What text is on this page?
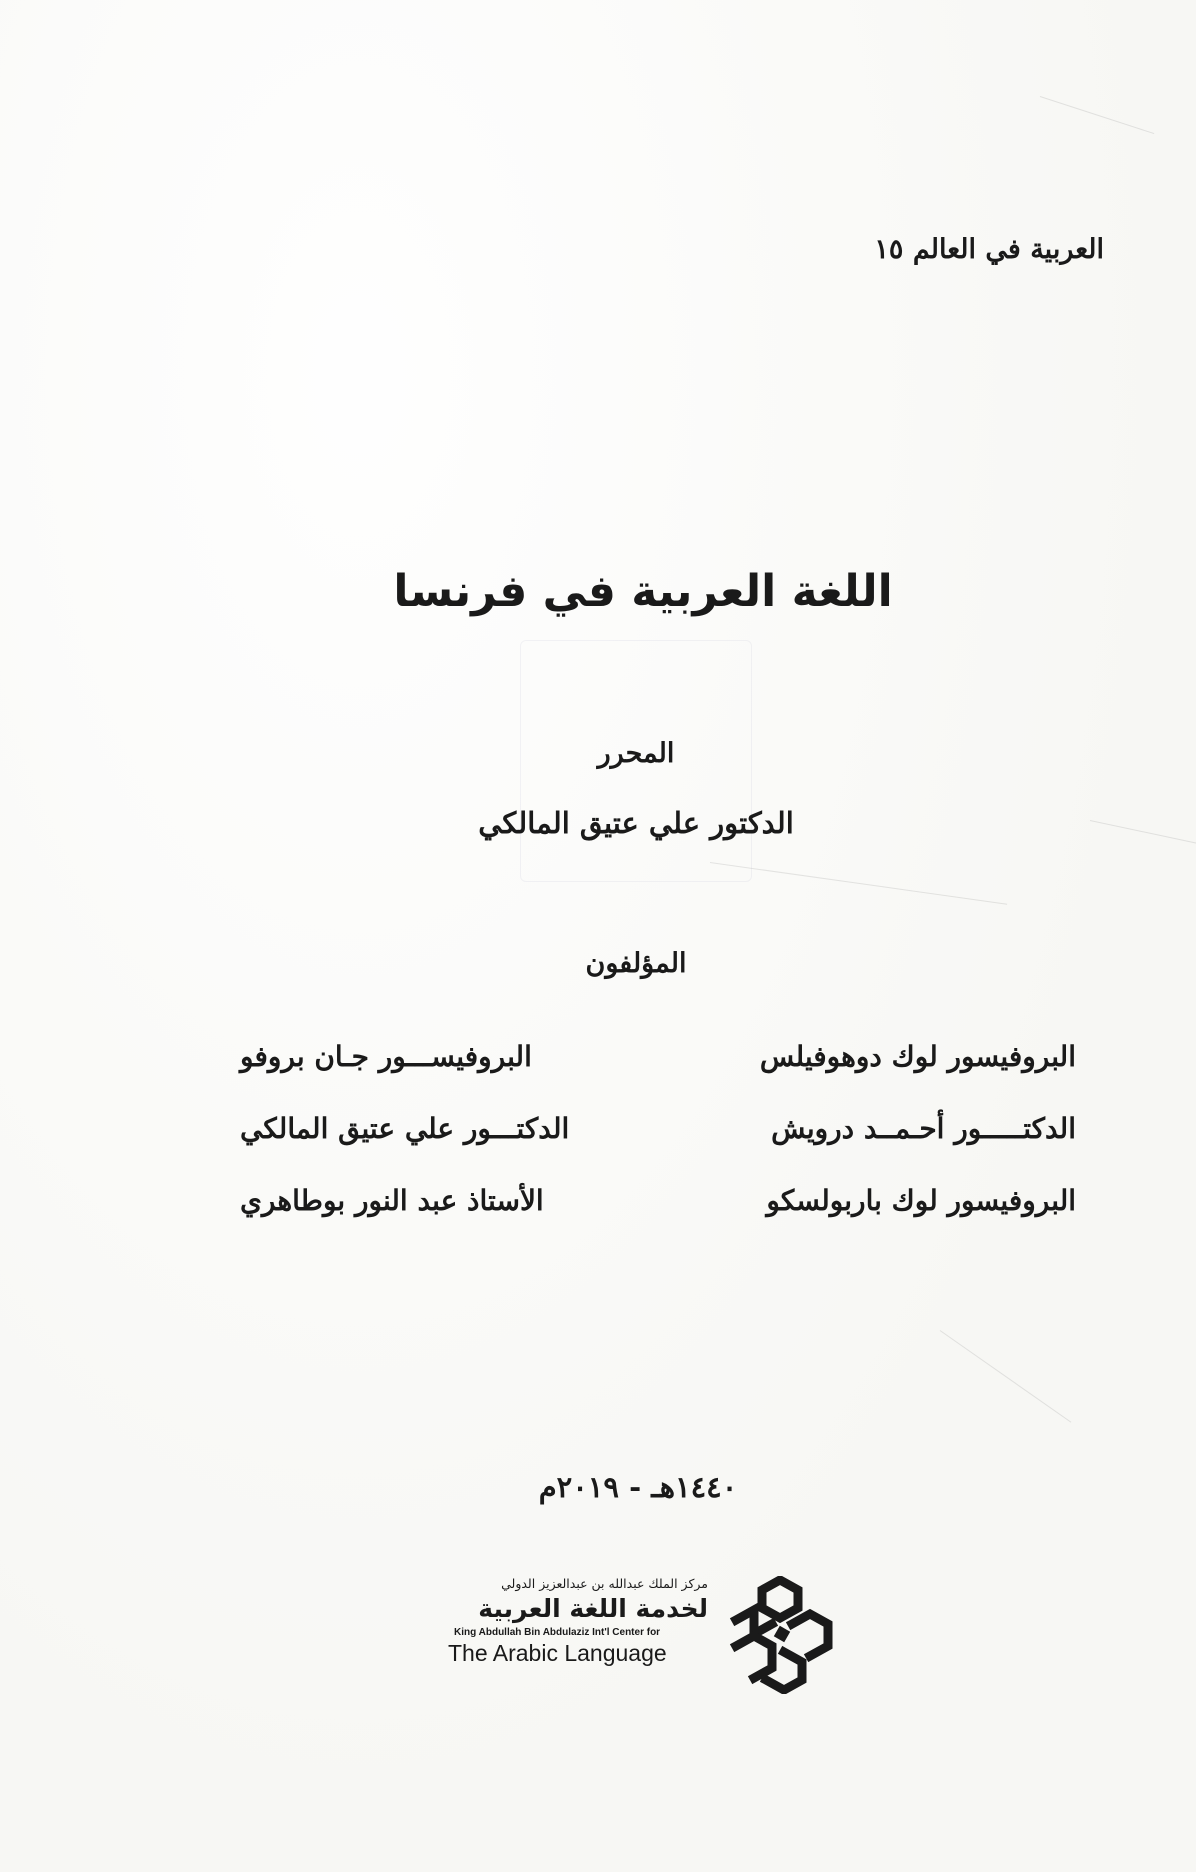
العربية في العالم ١٥
اللغة العربية في فرنسا
المحرر
الدكتور علي عتيق المالكي
المؤلفون
البروفيسور لوك دوهوفيلس
البروفيســـور جـان بروفو
الدكتـــــور أحـمــد درويش
الدكتـــور علي عتيق المالكي
البروفيسور لوك باربولسكو
الأستاذ عبد النور بوطاهري
١٤٤٠هـ - ٢٠١٩م
مركز الملك عبدالله بن عبدالعزيز الدولي
لخدمة اللغة العربية
King Abdullah Bin Abdulaziz Int'l Center for
The Arabic Language
